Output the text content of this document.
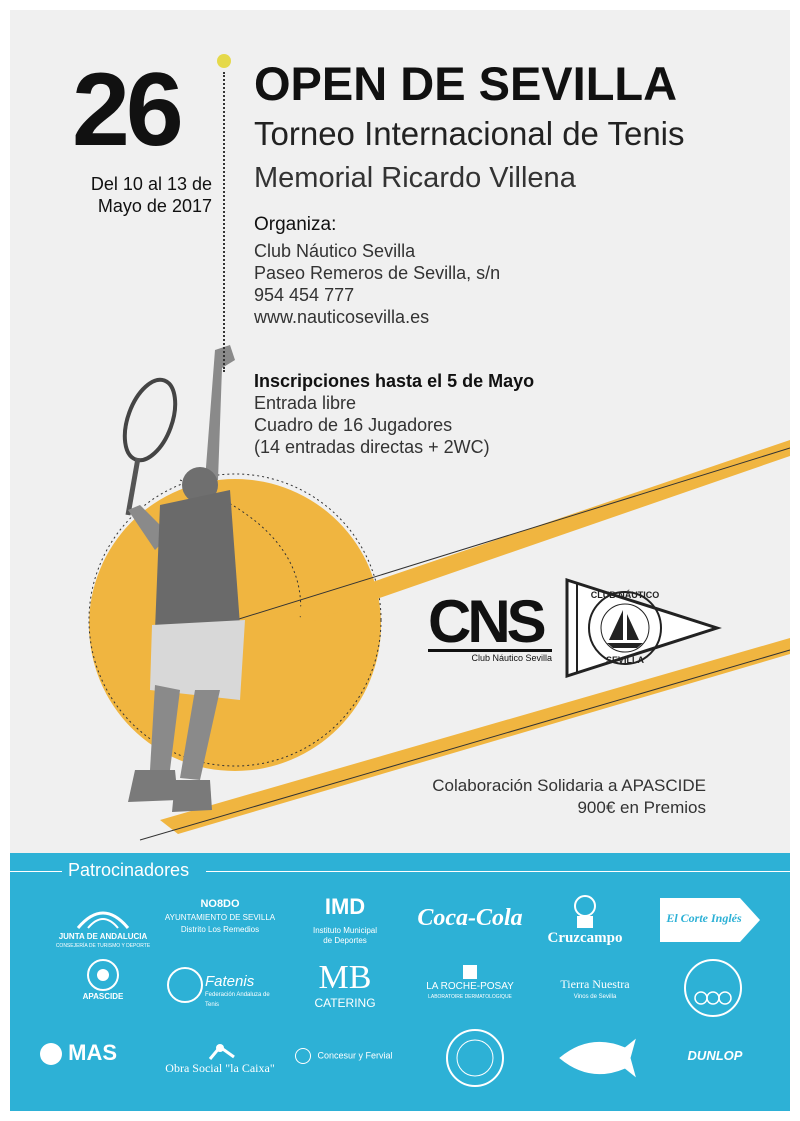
26
Del 10 al 13 de
Mayo de 2017
OPEN DE SEVILLA
Torneo Internacional de Tenis
Memorial Ricardo Villena
Organiza:
Club Náutico Sevilla
Paseo Remeros de Sevilla, s/n
954 454 777
www.nauticosevilla.es
Inscripciones hasta el 5 de Mayo
Entrada libre
Cuadro de 16 Jugadores
(14 entradas directas + 2WC)
CNS
Club Náutico Sevilla
CLUB NÁUTICO
SEVILLA
Colaboración Solidaria a APASCIDE
900€ en Premios
Patrocinadores
JUNTA DE ANDALUCIA
CONSEJERÍA DE TURISMO Y DEPORTE
NO8DO
AYUNTAMIENTO DE SEVILLA
Distrito Los Remedios
IMD
Instituto Municipal
de Deportes
Coca-Cola
Cruzcampo
El Corte Inglés
APASCIDE
Fatenis
Federación Andaluza de Tenis
MB
CATERING
LA ROCHE-POSAY
LABORATOIRE DERMATOLOGIQUE
Tierra Nuestra
Vinos de Sevilla
MAS
Obra Social "la Caixa"
Concesur y Fervial	DUNLOP
